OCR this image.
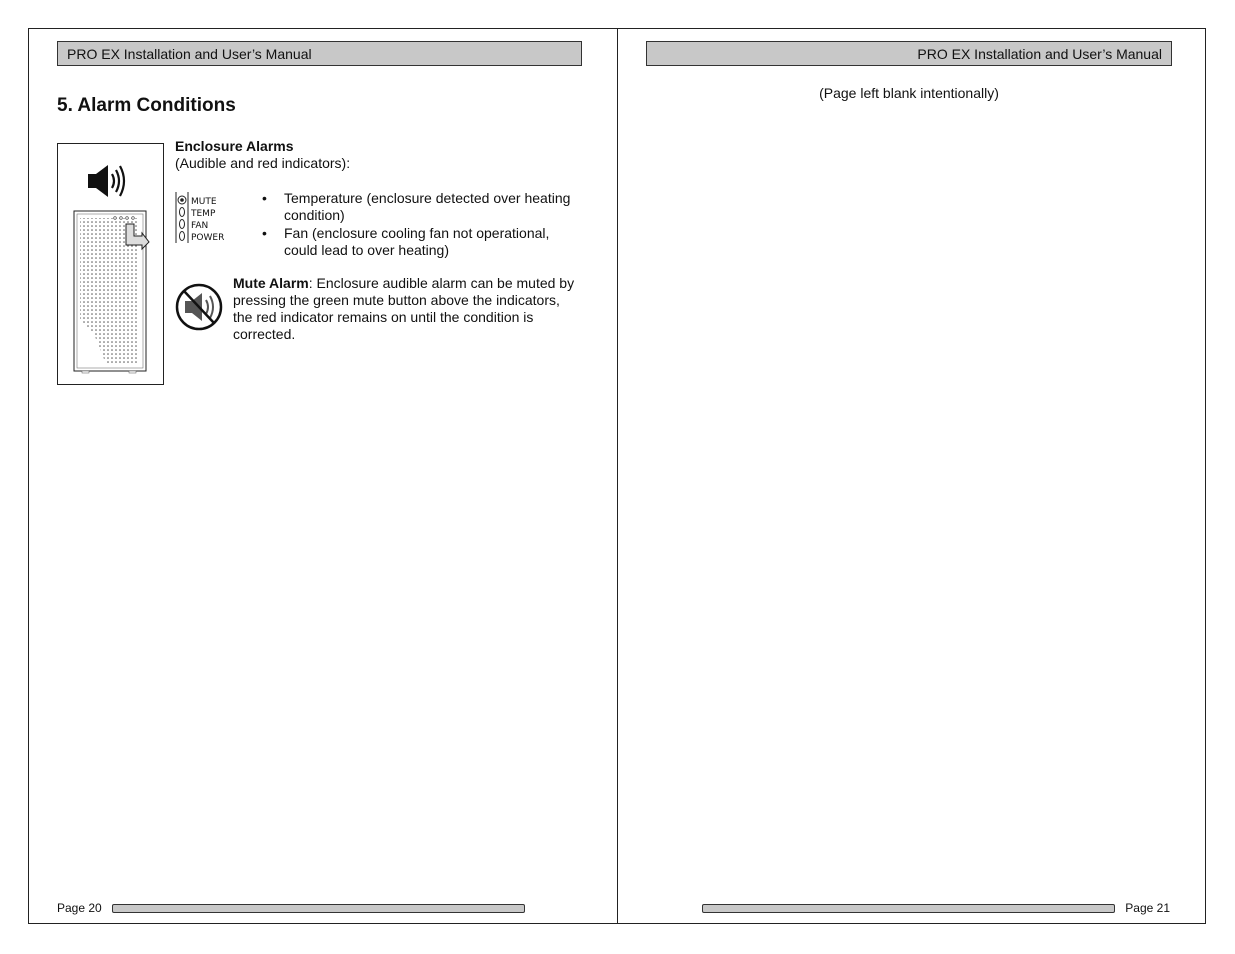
PRO EX Installation and User’s Manual
5. Alarm Conditions
Enclosure Alarms
(Audible and red indicators):
MUTE
TEMP
FAN
POWER
• Temperature (enclosure detected over heating condition)
• Fan (enclosure cooling fan not operational, could lead to over heating)
Mute Alarm: Enclosure audible alarm can be muted by pressing the green mute button above the indicators, the red indicator remains on until the condition is corrected.
Page 20
PRO EX Installation and User’s Manual
(Page left blank intentionally)
Page 21
